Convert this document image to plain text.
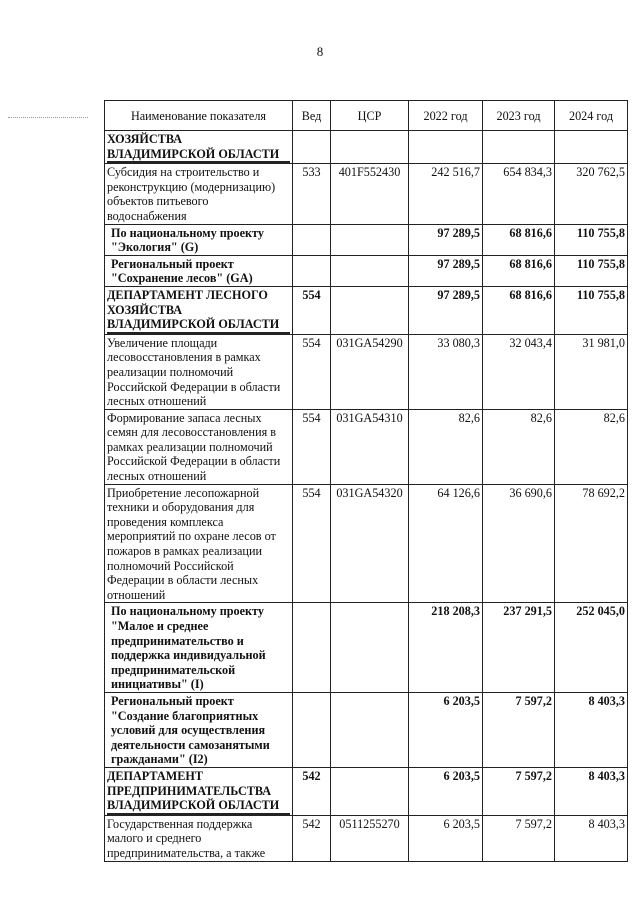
8
Наименование показателя	Вед	ЦСР	2022 год	2023 год	2024 год
ХОЗЯЙСТВА ВЛАДИМИРСКОЙ ОБЛАСТИ					
Субсидия на строительство и реконструкцию (модернизацию) объектов питьевого водоснабжения	533	401F552430	242 516,7	654 834,3	320 762,5
По национальному проекту "Экология" (G)			97 289,5	68 816,6	110 755,8
Региональный проект "Сохранение лесов" (GA)			97 289,5	68 816,6	110 755,8
ДЕПАРТАМЕНТ ЛЕСНОГО ХОЗЯЙСТВА ВЛАДИМИРСКОЙ ОБЛАСТИ	554		97 289,5	68 816,6	110 755,8
Увеличение площади лесовосстановления в рамках реализации полномочий Российской Федерации в области лесных отношений	554	031GA54290	33 080,3	32 043,4	31 981,0
Формирование запаса лесных семян для лесовосстановления в рамках реализации полномочий Российской Федерации в области лесных отношений	554	031GA54310	82,6	82,6	82,6
Приобретение лесопожарной техники и оборудования для проведения комплекса мероприятий по охране лесов от пожаров в рамках реализации полномочий Российской Федерации в области лесных отношений	554	031GA54320	64 126,6	36 690,6	78 692,2
По национальному проекту "Малое и среднее предпринимательство и поддержка индивидуальной предпринимательской инициативы" (I)			218 208,3	237 291,5	252 045,0
Региональный проект "Создание благоприятных условий для осуществления деятельности самозанятыми гражданами" (I2)			6 203,5	7 597,2	8 403,3
ДЕПАРТАМЕНТ ПРЕДПРИНИМАТЕЛЬСТВА ВЛАДИМИРСКОЙ ОБЛАСТИ	542		6 203,5	7 597,2	8 403,3
Государственная поддержка малого и среднего предпринимательства, а также	542	0511255270	6 203,5	7 597,2	8 403,3
